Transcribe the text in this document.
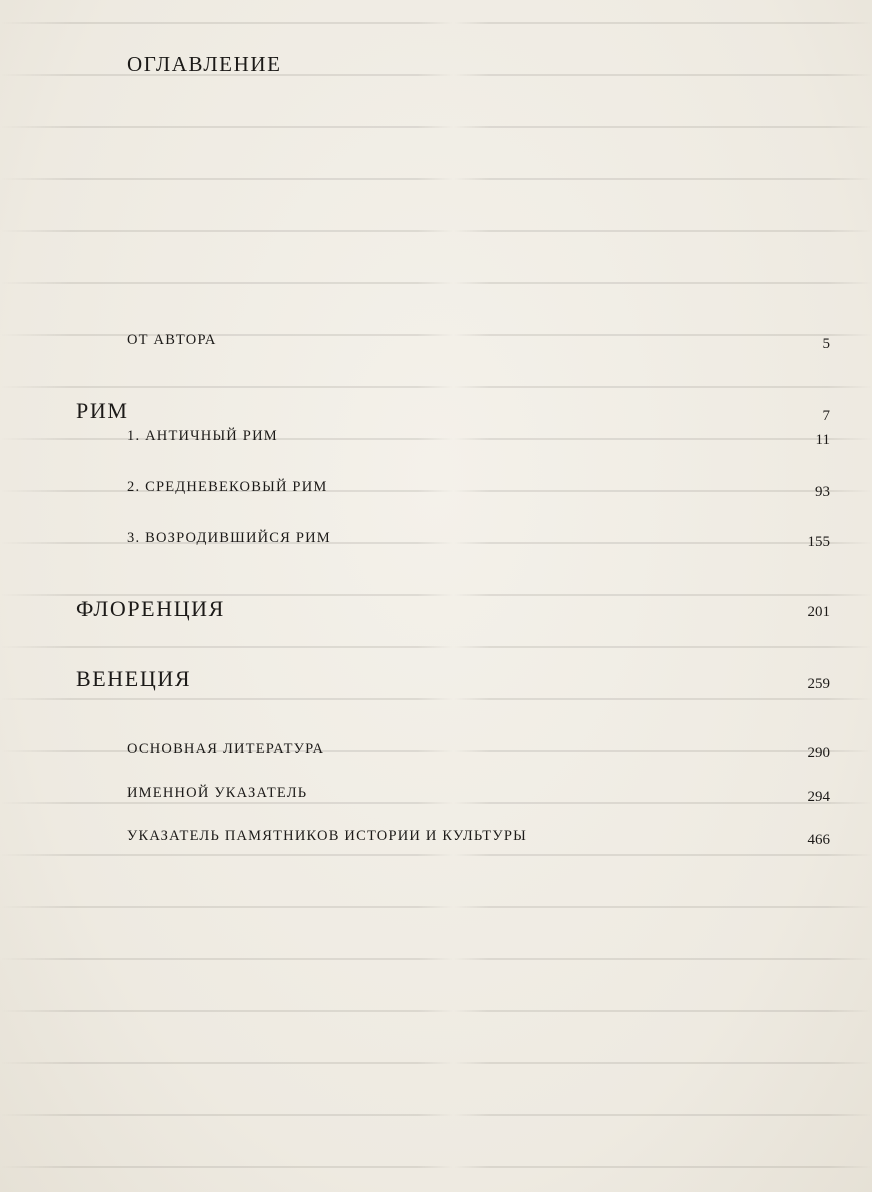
ОГЛАВЛЕНИЕ
ОТ АВТОРА	5
РИМ	7
1. АНТИЧНЫЙ РИМ	11
2. СРЕДНЕВЕКОВЫЙ РИМ	93
3. ВОЗРОДИВШИЙСЯ РИМ	155
ФЛОРЕНЦИЯ	201
ВЕНЕЦИЯ	259
ОСНОВНАЯ ЛИТЕРАТУРА	290
ИМЕННОЙ УКАЗАТЕЛЬ	294
УКАЗАТЕЛЬ ПАМЯТНИКОВ ИСТОРИИ И КУЛЬТУРЫ	466
